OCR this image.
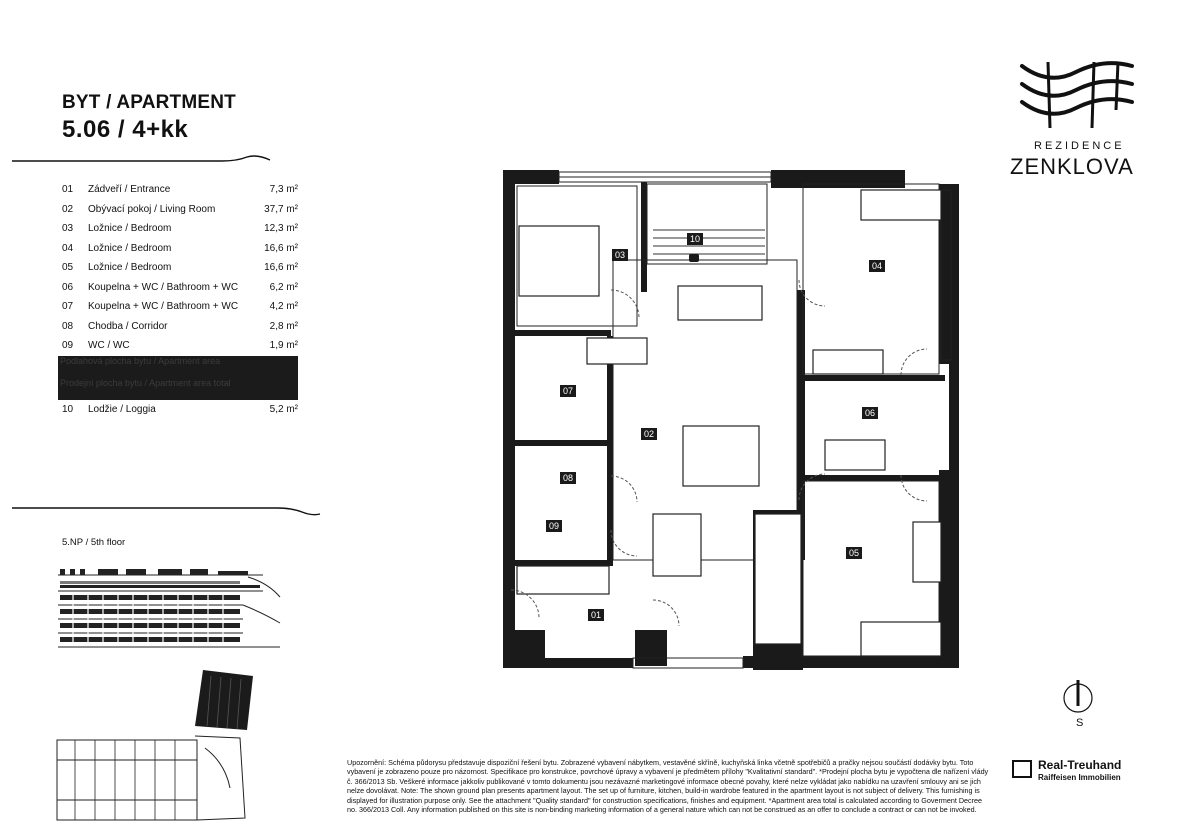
BYT / APARTMENT
5.06 / 4+kk
01 Zádveří / Entrance	7,3 m²
02 Obývací pokoj / Living Room	37,7 m²
03 Ložnice / Bedroom	12,3 m²
04 Ložnice / Bedroom	16,6 m²
05 Ložnice / Bedroom	16,6 m²
06 Koupelna + WC / Bathroom + WC	6,2 m²
07 Koupelna + WC / Bathroom + WC	4,2 m²
08 Chodba / Corridor	2,8 m²
09 WC / WC	1,9 m²
Podlahová plocha bytu / Apartment area
Prodejní plocha bytu / Apartment area total
10 Lodžie / Loggia	5,2 m²
5.NP / 5th floor
03
02
04
05
06
07
08
09
01
10
REZIDENCE
ZENKLOVA
S
Upozornění: Schéma půdorysu představuje dispoziční řešení bytu. Zobrazené vybavení nábytkem, vestavěné skříně, kuchyňská linka včetně spotřebičů a pračky nejsou součástí dodávky bytu. Toto vybavení je zobrazeno pouze pro názornost. Specifikace pro konstrukce, povrchové úpravy a vybavení je předmětem přílohy "Kvalitativní standard". *Prodejní plocha bytu je vypočtena dle nařízení vlády č. 366/2013 Sb. Veškeré informace jakkoliv publikované v tomto dokumentu jsou nezávazné marketingové informace obecné povahy, které nelze vykládat jako nabídku na uzavření smlouvy ani se jich nelze dovolávat. Note: The shown ground plan presents apartment layout. The set up of furniture, kitchen, build-in wardrobe featured in the apartment layout is not subject of delivery. This furnishing is displayed for illustration purpose only. See the attachment "Quality standard" for construction specifications, finishes and equipment. *Apartment area total is calculated according to Goverment Decree no. 366/2013 Coll. Any information published on this site is non-binding marketing information of a general nature which can not be construed as an offer to conclude a contract or can not be invoked.
Real-Treuhand
Raiffeisen Immobilien
